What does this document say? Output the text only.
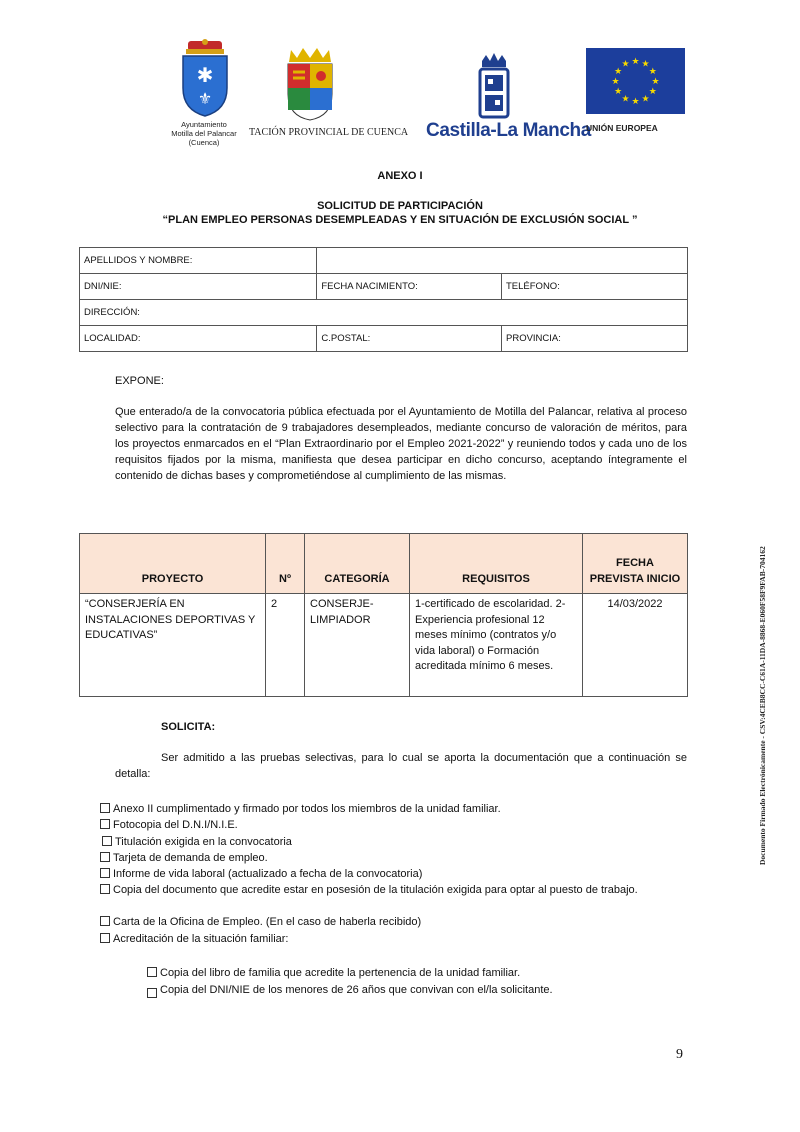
✱
⚜
Ayuntamiento
Motilla del Palancar
(Cuenca)
TACIÓN PROVINCIAL DE CUENCA Castilla-La Mancha
★
★
★
★
★
★
★
★
★ ★ ★
★
UNIÓN EUROPEA
ANEXO I
SOLICITUD DE PARTICIPACIÓN
“PLAN EMPLEO PERSONAS DESEMPLEADAS Y EN SITUACIÓN DE EXCLUSIÓN SOCIAL ”
APELLIDOS Y NOMBRE:		
DNI/NIE:	FECHA NACIMIENTO:	TELÉFONO:
DIRECCIÓN:		
LOCALIDAD:	C.POSTAL:	PROVINCIA:
EXPONE:
Que enterado/a de la convocatoria pública efectuada por el Ayuntamiento de Motilla del Palancar, relativa al proceso selectivo para la contratación de 9 trabajadores desempleados, mediante concurso de valoración de méritos, para los proyectos enmarcados en el “Plan Extraordinario por el Empleo 2021-2022” y reuniendo todos y cada uno de los requisitos fijados por la misma, manifiesta que desea participar en dicho concurso, aceptando íntegramente el contenido de dichas bases y comprometiéndose al cumplimiento de las mismas.
PROYECTO	Nº	CATEGORÍA	REQUISITOS	FECHA PREVISTA INICIO
“CONSERJERÍA EN INSTALACIONES DEPORTIVAS Y EDUCATIVAS”	2	CONSERJE-LIMPIADOR	1-certificado de escolaridad. 2-Experiencia profesional 12 meses mínimo (contratos y/o vida laboral) o Formación acreditada mínimo 6 meses.	14/03/2022
SOLICITA:
Ser admitido a las pruebas selectivas, para lo cual se aporta la documentación que a continuación se detalla:
Anexo II cumplimentado y firmado por todos los miembros de la unidad familiar.
Fotocopia del D.N.I/N.I.E.
Titulación exigida en la convocatoria
Tarjeta de demanda de empleo.
Informe de vida laboral (actualizado a fecha de la convocatoria)
Copia del documento que acredite estar en posesión de la titulación exigida para optar al puesto de trabajo.
Carta de la Oficina de Empleo. (En el caso de haberla recibido)
Acreditación de la situación familiar:
Copia del libro de familia que acredite la pertenencia de la unidad familiar.
Copia del DNI/NIE de los menores de 26 años que convivan con el/la solicitante.
Documento Firmado Electrónicamente - CSV:4CEB8CC-C61A-11DA-8868-E060F58F9FAB-704162
9
